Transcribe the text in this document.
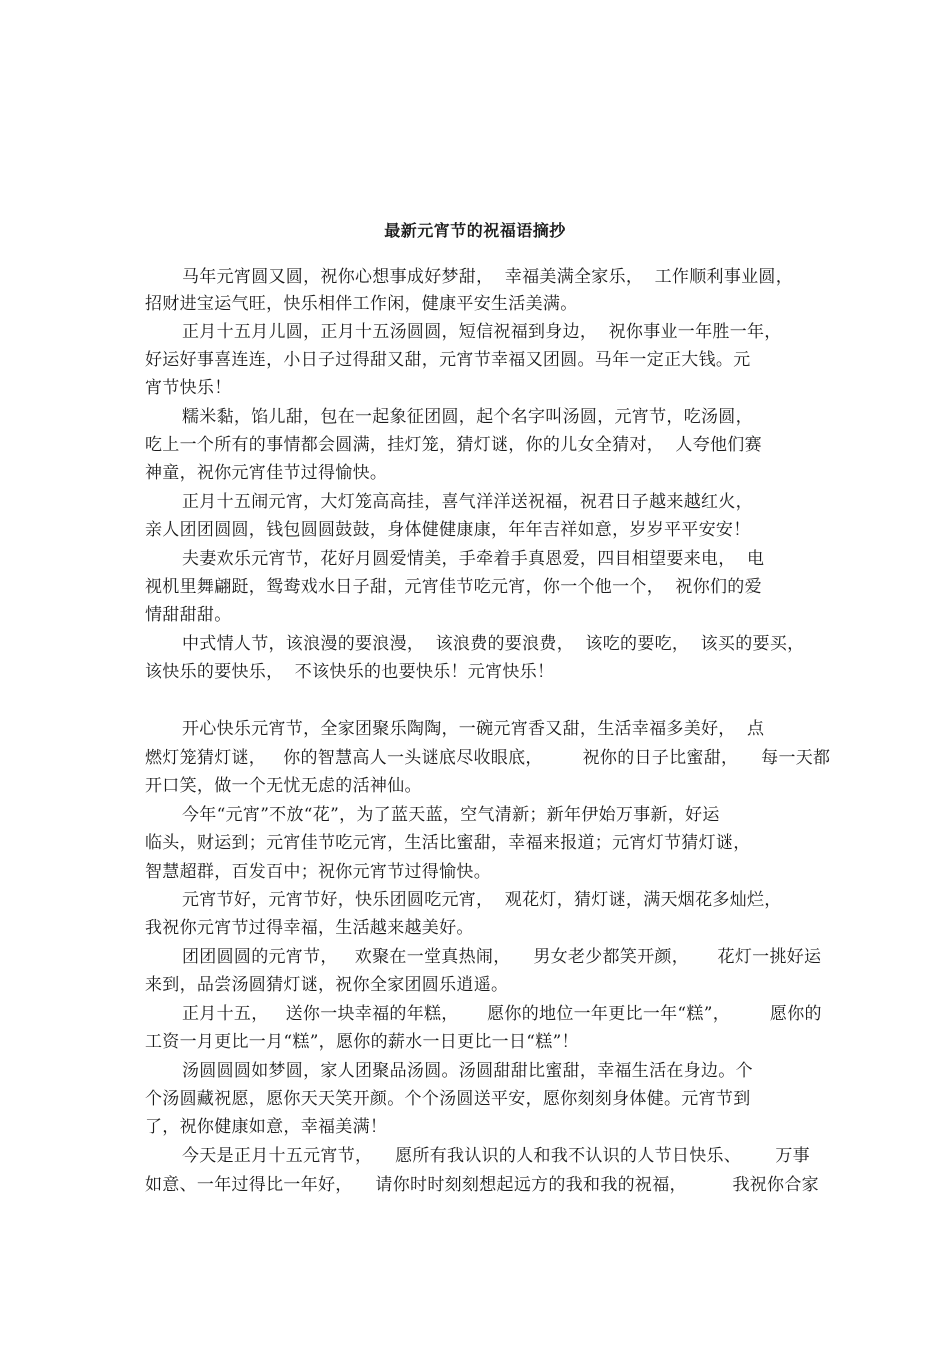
最新元宵节的祝福语摘抄

马年元宵圆又圆，祝你心想事成好梦甜，  幸福美满全家乐，  工作顺利事业圆，

招财进宝运气旺，快乐相伴工作闲，健康平安生活美满。

正月十五月儿圆，正月十五汤圆圆，短信祝福到身边，  祝你事业一年胜一年，

好运好事喜连连，小日子过得甜又甜，元宵节幸福又团圆。马年一定正大钱。元

宵节快乐！

糯米黏，馅儿甜，包在一起象征团圆，起个名字叫汤圆，元宵节，吃汤圆，

吃上一个所有的事情都会圆满，挂灯笼，猜灯谜，你的儿女全猜对，  人夸他们赛

神童，祝你元宵佳节过得愉快。

正月十五闹元宵，大灯笼高高挂，喜气洋洋送祝福，祝君日子越来越红火，

亲人团团圆圆，钱包圆圆鼓鼓，身体健健康康，年年吉祥如意，岁岁平平安安！

夫妻欢乐元宵节，花好月圆爱情美，手牵着手真恩爱，四目相望要来电，  电

视机里舞翩跹，鸳鸯戏水日子甜，元宵佳节吃元宵，你一个他一个，  祝你们的爱

情甜甜甜。

中式情人节，该浪漫的要浪漫，  该浪费的要浪费，  该吃的要吃，  该买的要买，

该快乐的要快乐，  不该快乐的也要快乐！元宵快乐！

开心快乐元宵节，全家团聚乐陶陶，一碗元宵香又甜，生活幸福多美好，  点

燃灯笼猜灯谜，   你的智慧高人一头谜底尽收眼底，       祝你的日子比蜜甜，    每一天都

开口笑，做一个无忧无虑的活神仙。

今年“元宵”不放“花”，为了蓝天蓝，空气清新；新年伊始万事新，好运

临头，财运到；元宵佳节吃元宵，生活比蜜甜，幸福来报道；元宵灯节猜灯谜，

智慧超群，百发百中；祝你元宵节过得愉快。

元宵节好，元宵节好，快乐团圆吃元宵，  观花灯，猜灯谜，满天烟花多灿烂，

我祝你元宵节过得幸福，生活越来越美好。

团团圆圆的元宵节，   欢聚在一堂真热闹，    男女老少都笑开颜，     花灯一挑好运

来到，品尝汤圆猜灯谜，祝你全家团圆乐逍遥。

正月十五，   送你一块幸福的年糕，     愿你的地位一年更比一年“糕”，       愿你的

工资一月更比一月“糕”，愿你的薪水一日更比一日“糕”！

汤圆圆圆如梦圆，家人团聚品汤圆。汤圆甜甜比蜜甜，幸福生活在身边。个

个汤圆藏祝愿，愿你天天笑开颜。个个汤圆送平安，愿你刻刻身体健。元宵节到

了，祝你健康如意，幸福美满！

今天是正月十五元宵节，    愿所有我认识的人和我不认识的人节日快乐、      万事

如意、一年过得比一年好，    请你时时刻刻想起远方的我和我的祝福，        我祝你合家
